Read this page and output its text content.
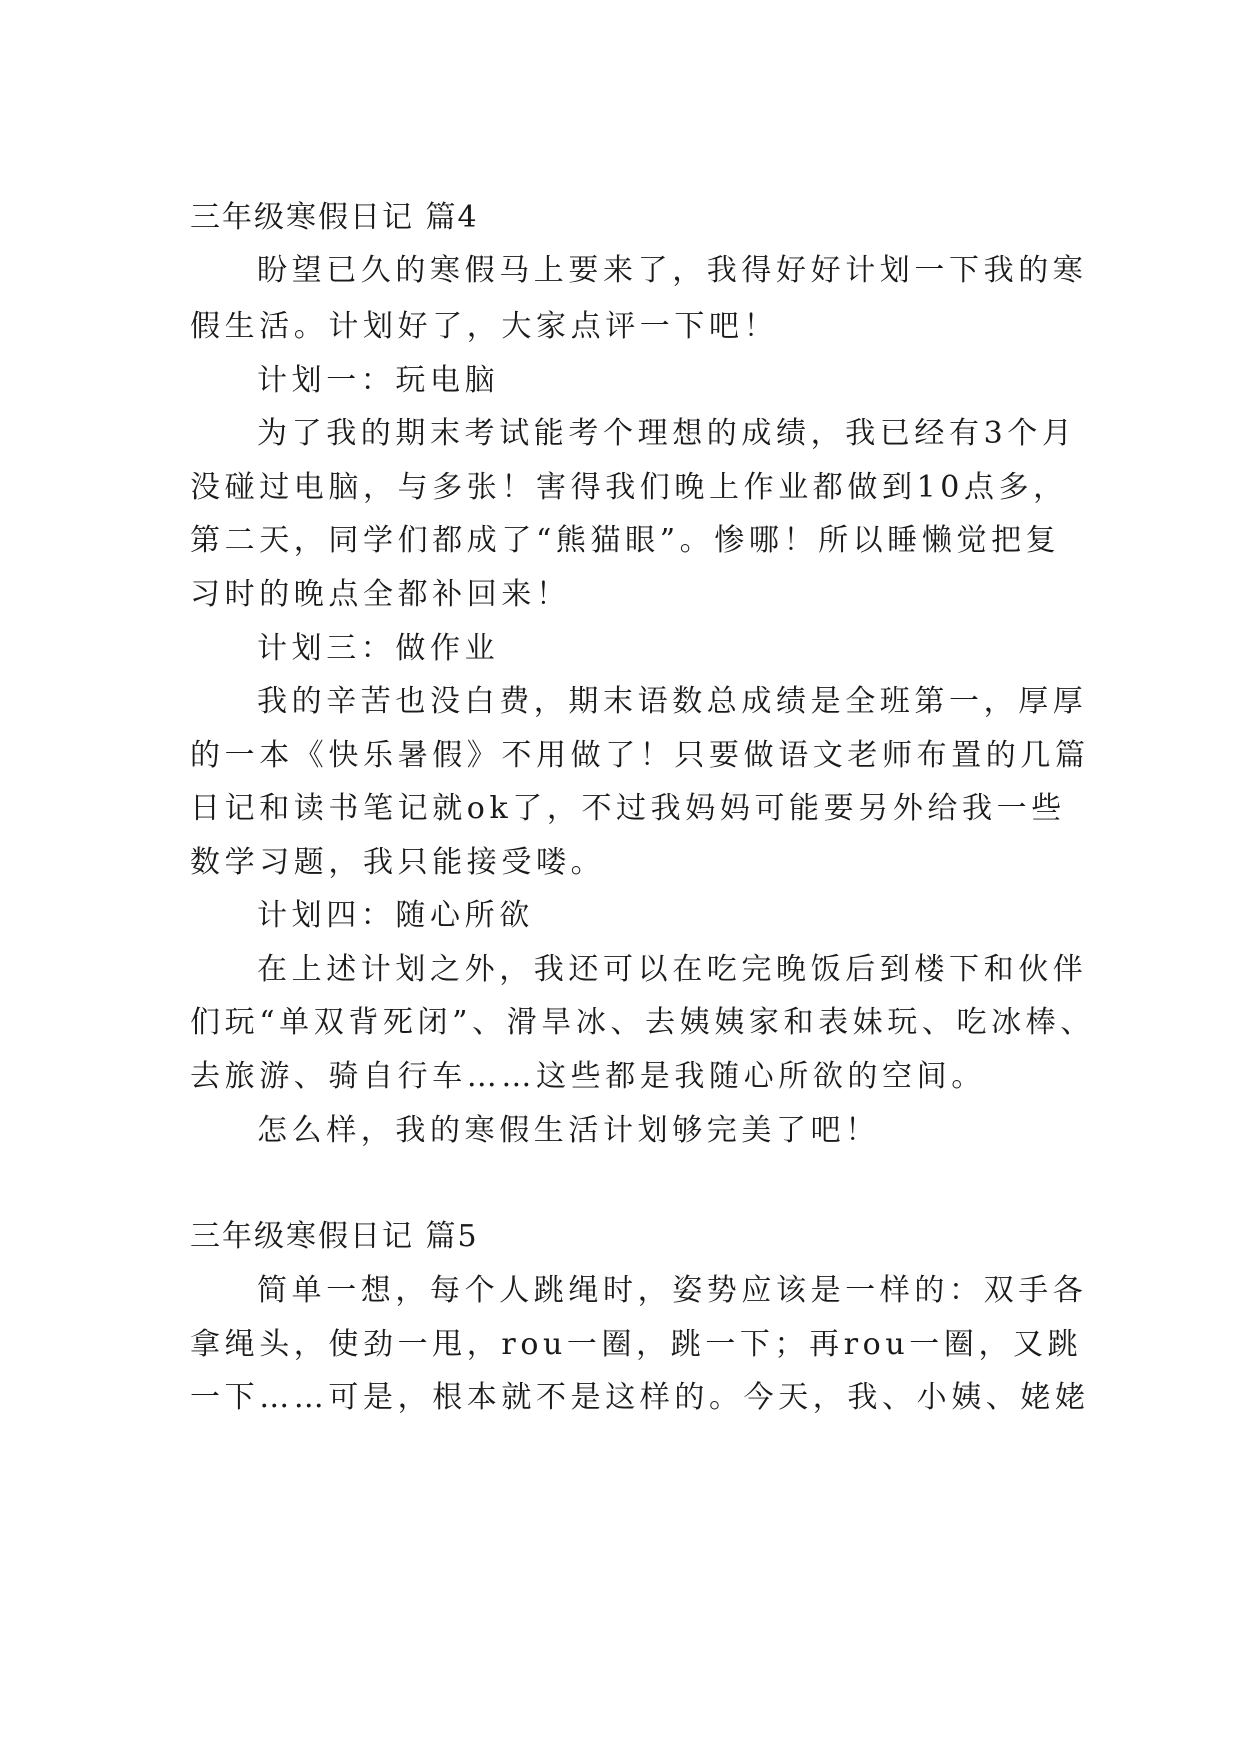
三年级寒假日记 篇4
盼望已久的寒假马上要来了，我得好好计划一下我的寒
假生活。计划好了，大家点评一下吧！
计划一：玩电脑
为了我的期末考试能考个理想的成绩，我已经有3个月
没碰过电脑，与多张！害得我们晚上作业都做到10点多，
第二天，同学们都成了“熊猫眼”。惨哪！所以睡懒觉把复
习时的晚点全都补回来！
计划三：做作业
我的辛苦也没白费，期末语数总成绩是全班第一，厚厚
的一本《快乐暑假》不用做了！只要做语文老师布置的几篇
日记和读书笔记就ok了，不过我妈妈可能要另外给我一些
数学习题，我只能接受喽。
计划四：随心所欲
在上述计划之外，我还可以在吃完晚饭后到楼下和伙伴
们玩“单双背死闭”、滑旱冰、去姨姨家和表妹玩、吃冰棒、
去旅游、骑自行车……这些都是我随心所欲的空间。
怎么样，我的寒假生活计划够完美了吧！
三年级寒假日记 篇5
简单一想，每个人跳绳时，姿势应该是一样的：双手各
拿绳头，使劲一甩，rou一圈，跳一下；再rou一圈，又跳
一下……可是，根本就不是这样的。今天，我、小姨、姥姥
